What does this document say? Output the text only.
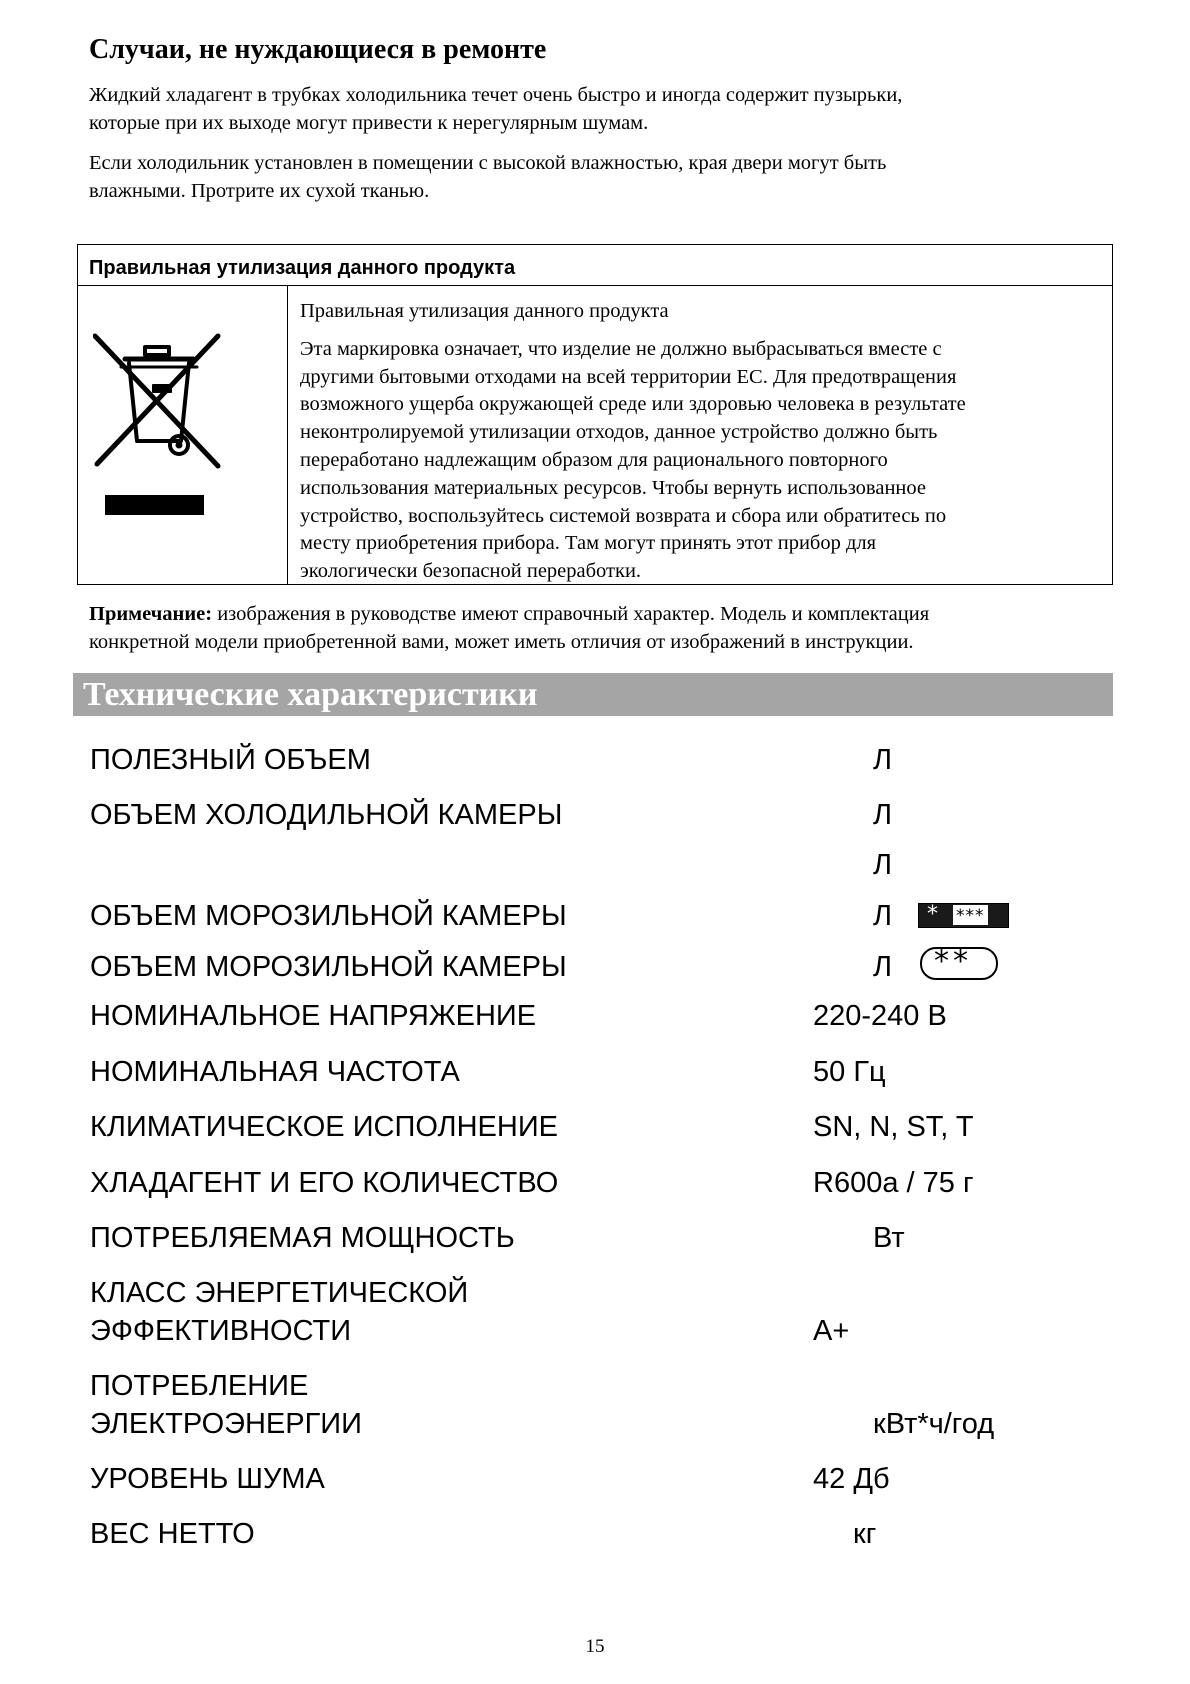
Случаи, не нуждающиеся в ремонте

Жидкий хладагент в трубках холодильника течет очень быстро и иногда содержит пузырьки,
которые при их выходе могут привести к нерегулярным шумам.

Если холодильник установлен в помещении с высокой влажностью, края двери могут быть
влажными. Протрите их сухой тканью.

Правильная утилизация данного продукта

Правильная утилизация данного продукта

Эта маркировка означает, что изделие не должно выбрасываться вместе с
другими бытовыми отходами на всей территории ЕС. Для предотвращения
возможного ущерба окружающей среде или здоровью человека в результате
неконтролируемой утилизации отходов, данное устройство должно быть
переработано надлежащим образом для рационального повторного
использования материальных ресурсов. Чтобы вернуть использованное
устройство, воспользуйтесь системой возврата и сбора или обратитесь по
месту приобретения прибора. Там могут принять этот прибор для
экологически безопасной переработки.

Примечание: изображения в руководстве имеют справочный характер. Модель и комплектация
конкретной модели приобретенной вами, может иметь отличия от изображений в инструкции.

Технические характеристики
ПОЛЕЗНЫЙ ОБЪЕМ	Л
ОБЪЕМ ХОЛОДИЛЬНОЙ КАМЕРЫ	Л
Л
ОБЪЕМ МОРОЗИЛЬНОЙ КАМЕРЫ	Л * ***
ОБЪЕМ МОРОЗИЛЬНОЙ КАМЕРЫ	Л **
НОМИНАЛЬНОЕ НАПРЯЖЕНИЕ	220-240 В
НОМИНАЛЬНАЯ ЧАСТОТА	50 Гц
КЛИМАТИЧЕСКОЕ ИСПОЛНЕНИЕ	SN, N, ST, T
ХЛАДАГЕНТ И ЕГО КОЛИЧЕСТВО	R600a / 75 г
ПОТРЕБЛЯЕМАЯ МОЩНОСТЬ	Вт
КЛАСС ЭНЕРГЕТИЧЕСКОЙ
ЭФФЕКТИВНОСТИ	А+
ПОТРЕБЛЕНИЕ
ЭЛЕКТРОЭНЕРГИИ	кВт*ч/год
УРОВЕНЬ ШУМА	42 Дб
ВЕС НЕТТО	кг
15
